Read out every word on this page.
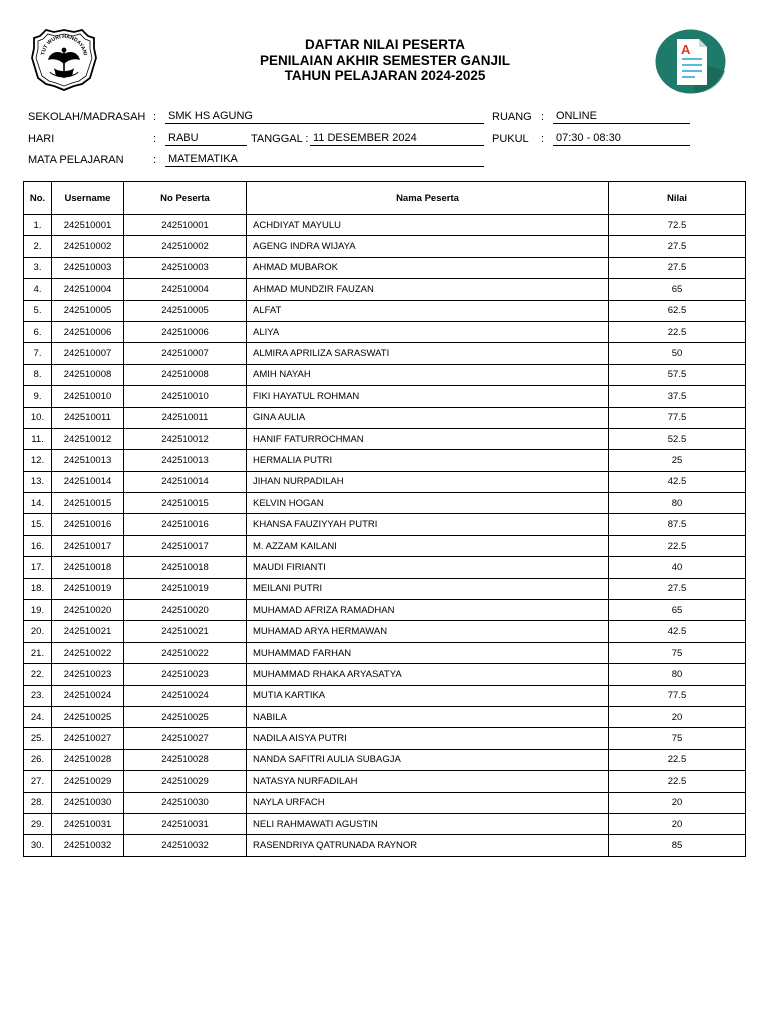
TUT WURI HANDAYANI
DAFTAR NILAI PESERTA
PENILAIAN AKHIR SEMESTER GANJIL
TAHUN PELAJARAN 2024-2025
A
SEKOLAH/MADRASAH : SMK HS AGUNG	RUANG : ONLINE
HARI	: RABU	TANGGAL : 11 DESEMBER 2024	PUKUL : 07:30 - 08:30
MATA PELAJARAN	: MATEMATIKA
No.	Username	No Peserta	Nama Peserta	Nilai
1.	242510001	242510001	ACHDIYAT MAYULU	72.5
2.	242510002	242510002	AGENG INDRA WIJAYA	27.5
3.	242510003	242510003	AHMAD MUBAROK	27.5
4.	242510004	242510004	AHMAD MUNDZIR FAUZAN	65
5.	242510005	242510005	ALFAT	62.5
6.	242510006	242510006	ALIYA	22.5
7.	242510007	242510007	ALMIRA APRILIZA SARASWATI	50
8.	242510008	242510008	AMIH NAYAH	57.5
9.	242510010	242510010	FIKI HAYATUL ROHMAN	37.5
10.	242510011	242510011	GINA AULIA	77.5
11.	242510012	242510012	HANIF FATURROCHMAN	52.5
12.	242510013	242510013	HERMALIA PUTRI	25
13.	242510014	242510014	JIHAN NURPADILAH	42.5
14.	242510015	242510015	KELVIN HOGAN	80
15.	242510016	242510016	KHANSA FAUZIYYAH PUTRI	87.5
16.	242510017	242510017	M. AZZAM KAILANI	22.5
17.	242510018	242510018	MAUDI FIRIANTI	40
18.	242510019	242510019	MEILANI PUTRI	27.5
19.	242510020	242510020	MUHAMAD AFRIZA RAMADHAN	65
20.	242510021	242510021	MUHAMAD ARYA HERMAWAN	42.5
21.	242510022	242510022	MUHAMMAD FARHAN	75
22.	242510023	242510023	MUHAMMAD RHAKA ARYASATYA	80
23.	242510024	242510024	MUTIA KARTIKA	77.5
24.	242510025	242510025	NABILA	20
25.	242510027	242510027	NADILA AISYA PUTRI	75
26.	242510028	242510028	NANDA SAFITRI AULIA SUBAGJA	22.5
27.	242510029	242510029	NATASYA NURFADILAH	22.5
28.	242510030	242510030	NAYLA URFACH	20
29.	242510031	242510031	NELI RAHMAWATI AGUSTIN	20
30.	242510032	242510032	RASENDRIYA QATRUNADA RAYNOR	85
